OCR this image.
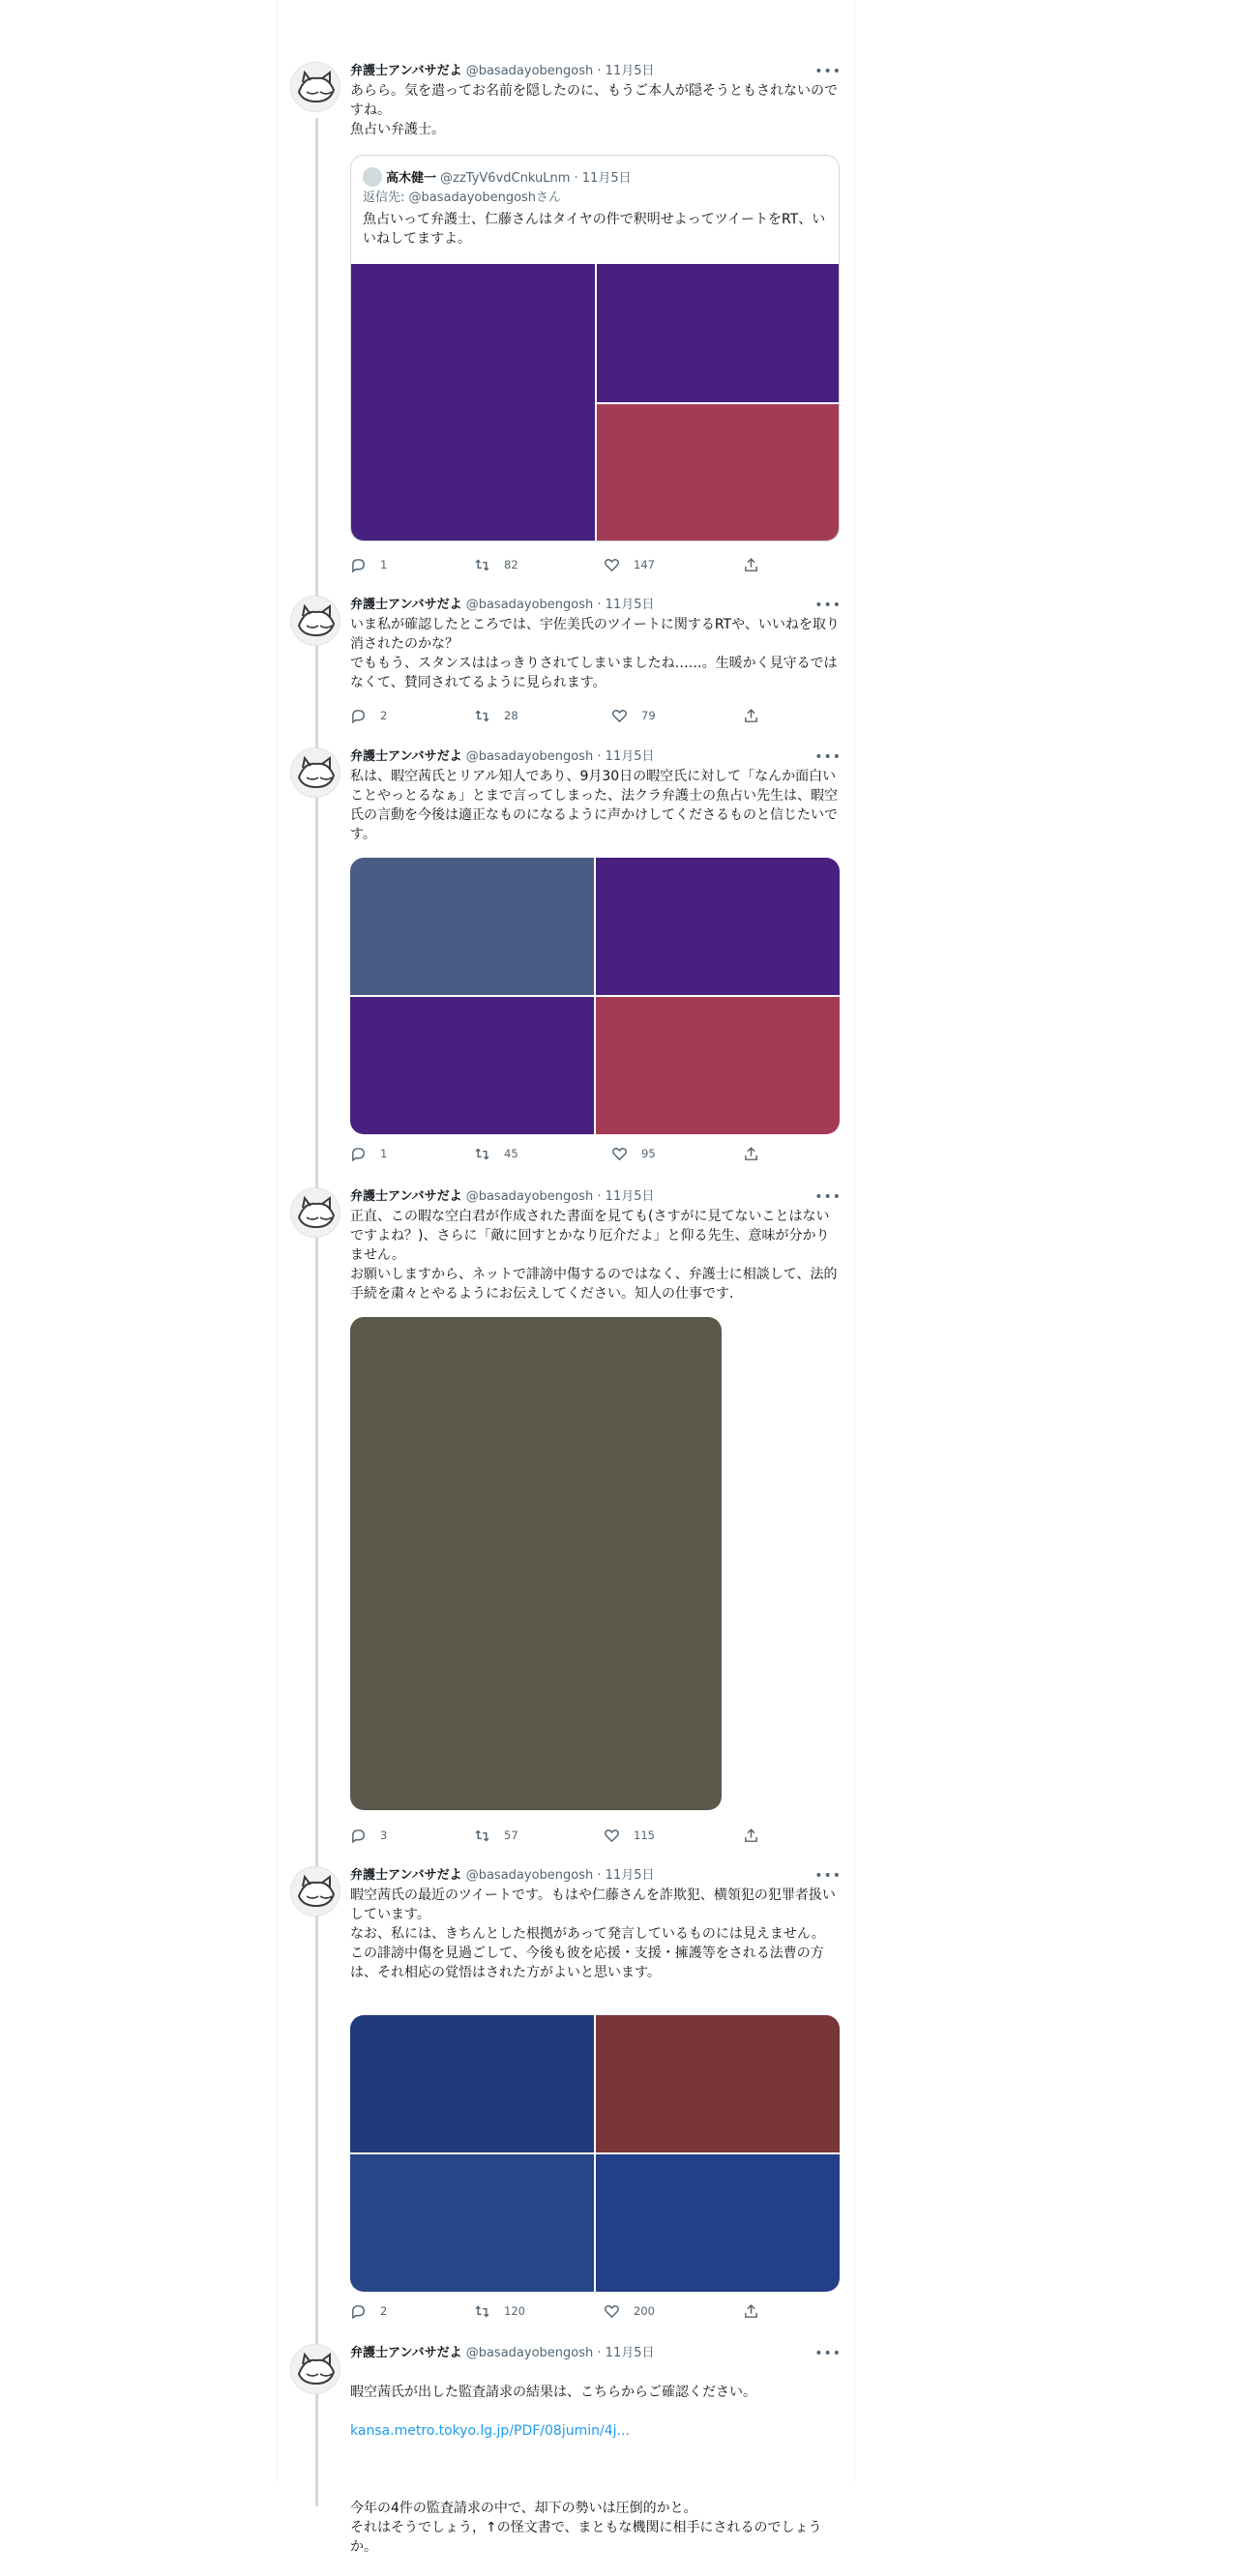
弁護士アンバサだよ @basadayobengosh · 11月5日	•••
あらら。気を遣ってお名前を隠したのに、もうご本人が隠そうともされないのですね。
魚占い弁護士。
高木健一 @zzTyV6vdCnkuLnm · 11月5日
返信先: @basadayobengoshさん
魚占いって弁護士、仁藤さんはタイヤの件で釈明せよってツイートをRT、いいねしてますよ。
1	82	147
弁護士アンバサだよ @basadayobengosh · 11月5日	•••
いま私が確認したところでは、宇佐美氏のツイートに関するRTや、いいねを取り消されたのかな？
でももう、スタンスははっきりされてしまいましたね……。生暖かく見守るではなくて、賛同されてるように見られます。
2	28	79
弁護士アンバサだよ @basadayobengosh · 11月5日	•••
私は、暇空茜氏とリアル知人であり、9月30日の暇空氏に対して「なんか面白いことやっとるなぁ」とまで言ってしまった、法クラ弁護士の魚占い先生は、暇空氏の言動を今後は適正なものになるように声かけしてくださるものと信じたいです。
1	45	95
弁護士アンバサだよ @basadayobengosh · 11月5日	•••
正直、この暇な空白君が作成された書面を見ても(さすがに見てないことはないですよね？)、さらに「敵に回すとかなり厄介だよ」と仰る先生、意味が分かりません。
お願いしますから、ネットで誹謗中傷するのではなく、弁護士に相談して、法的手続を粛々とやるようにお伝えしてください。知人の仕事です.
3	57	115
弁護士アンバサだよ @basadayobengosh · 11月5日	•••
暇空茜氏の最近のツイートです。もはや仁藤さんを詐欺犯、横領犯の犯罪者扱いしています。
なお、私には、きちんとした根拠があって発言しているものには見えません。
この誹謗中傷を見過ごして、今後も彼を応援・支援・擁護等をされる法曹の方は、それ相応の覚悟はされた方がよいと思います。
2	120	200
弁護士アンバサだよ @basadayobengosh · 11月5日	•••

暇空茜氏が出した監査請求の結果は、こちらからご確認ください。

kansa.metro.tokyo.lg.jp/PDF/08jumin/4j...

今年の4件の監査請求の中で、却下の勢いは圧倒的かと。
それはそうでしょう，↑の怪文書で、まともな機関に相手にされるのでしょうか。
